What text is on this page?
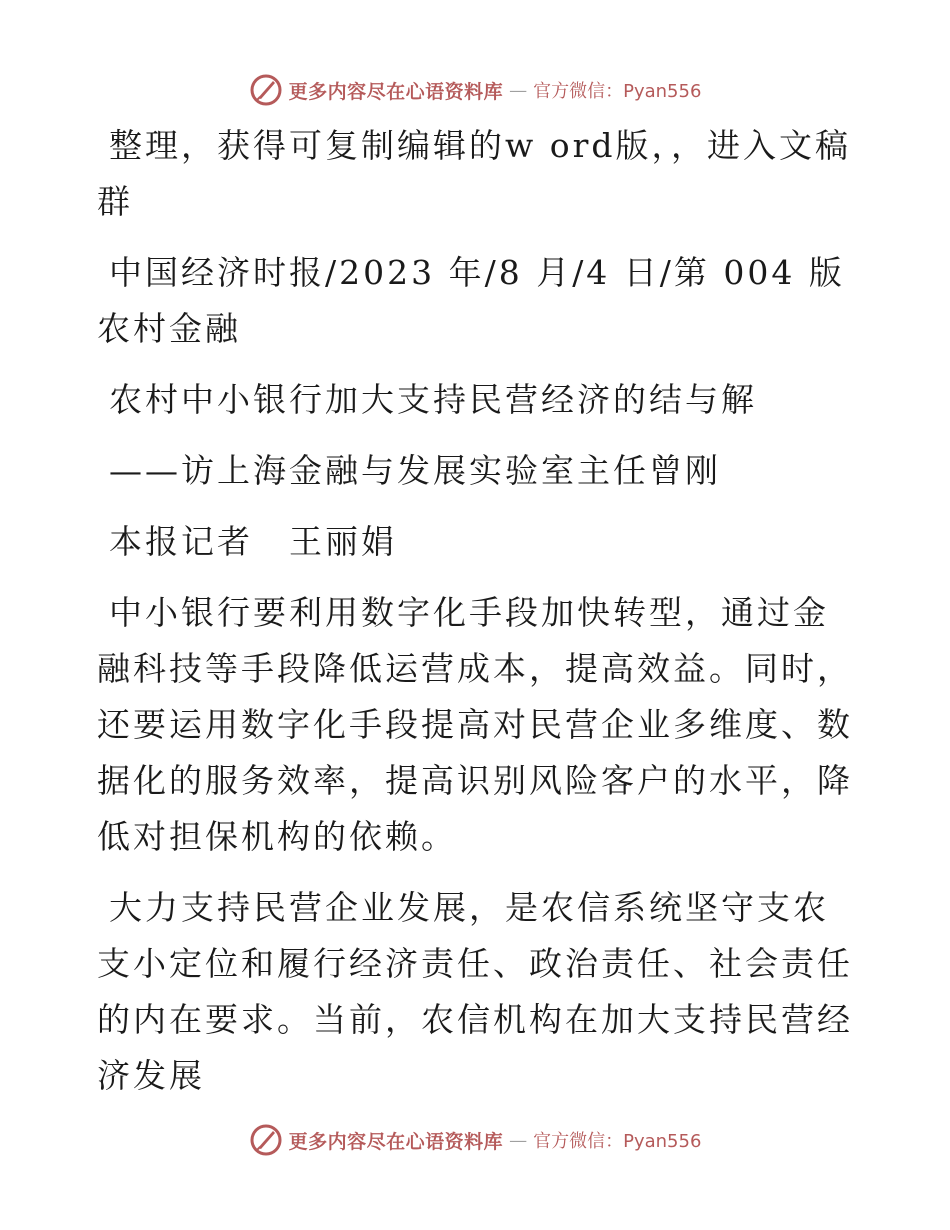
更多内容尽在心语资料库 — 官方微信：Pyan556

整理，获得可复制编辑的w ord版，，进入文稿群

中国经济时报/2023 年/8 月/4 日/第 004 版农村金融

农村中小银行加大支持民营经济的结与解

——访上海金融与发展实验室主任曾刚

本报记者　王丽娟

中小银行要利用数字化手段加快转型，通过金融科技等手段降低运营成本，提高效益。同时，还要运用数字化手段提高对民营企业多维度、数据化的服务效率，提高识别风险客户的水平，降低对担保机构的依赖。

大力支持民营企业发展，是农信系统坚守支农支小定位和履行经济责任、政治责任、社会责任的内在要求。当前，农信机构在加大支持民营经济发展

更多内容尽在心语资料库 — 官方微信：Pyan556
